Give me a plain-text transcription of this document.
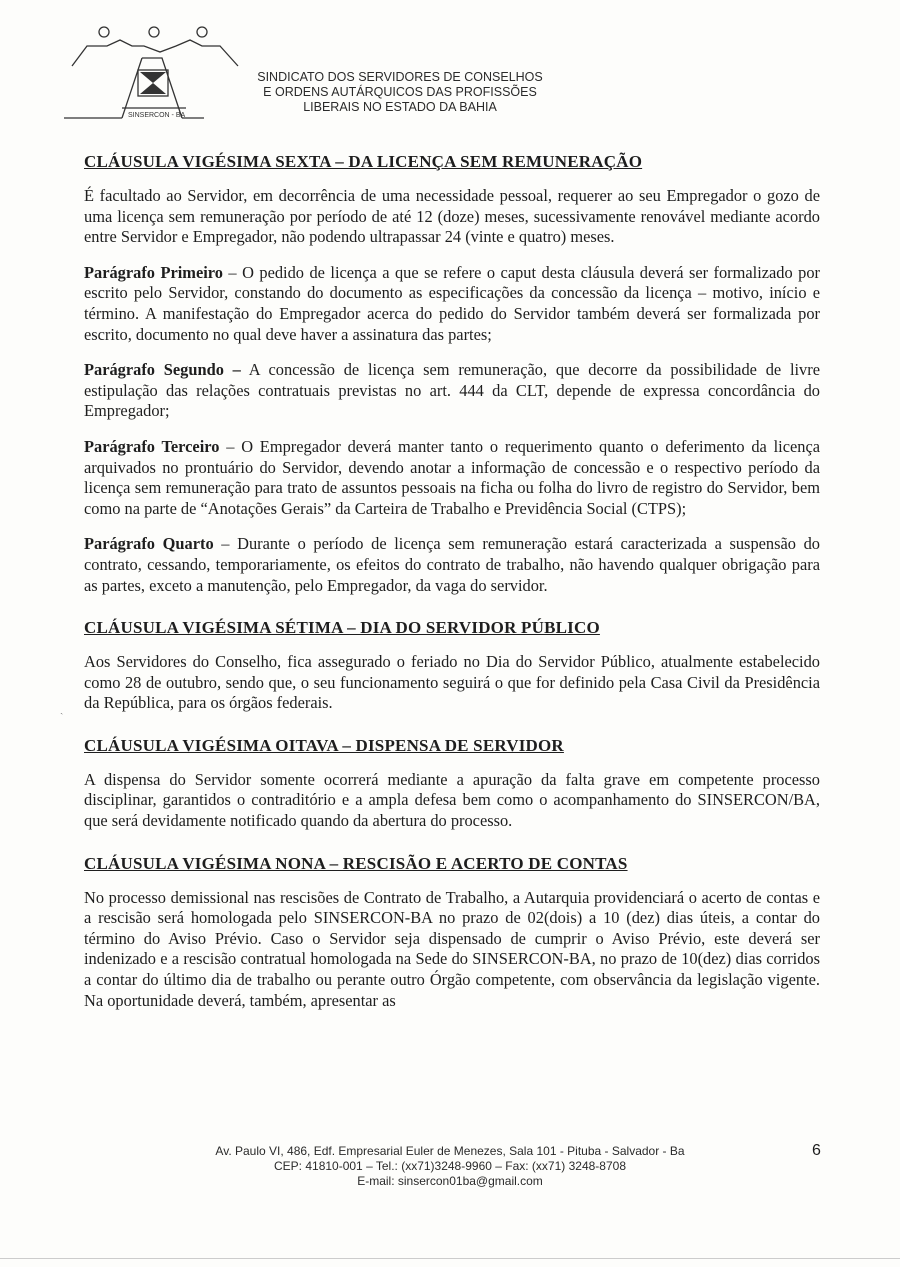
SINSERCON - BA
SINDICATO DOS SERVIDORES DE CONSELHOS
E ORDENS AUTÁRQUICOS DAS PROFISSÕES
LIBERAIS NO ESTADO DA BAHIA
ˏ
CLÁUSULA VIGÉSIMA SEXTA – DA LICENÇA SEM REMUNERAÇÃO

É facultado ao Servidor, em decorrência de uma necessidade pessoal, requerer ao seu Empregador o gozo de uma licença sem remuneração por período de até 12 (doze) meses, sucessivamente renovável mediante acordo entre Servidor e Empregador, não podendo ultrapassar 24 (vinte e quatro) meses.

Parágrafo Primeiro – O pedido de licença a que se refere o caput desta cláusula deverá ser formalizado por escrito pelo Servidor, constando do documento as especificações da concessão da licença – motivo, início e término. A manifestação do Empregador acerca do pedido do Servidor também deverá ser formalizada por escrito, documento no qual deve haver a assinatura das partes;

Parágrafo Segundo – A concessão de licença sem remuneração, que decorre da possibilidade de livre estipulação das relações contratuais previstas no art. 444 da CLT, depende de expressa concordância do Empregador;

Parágrafo Terceiro – O Empregador deverá manter tanto o requerimento quanto o deferimento da licença arquivados no prontuário do Servidor, devendo anotar a informação de concessão e o respectivo período da licença sem remuneração para trato de assuntos pessoais na ficha ou folha do livro de registro do Servidor, bem como na parte de “Anotações Gerais” da Carteira de Trabalho e Previdência Social (CTPS);

Parágrafo Quarto – Durante o período de licença sem remuneração estará caracterizada a suspensão do contrato, cessando, temporariamente, os efeitos do contrato de trabalho, não havendo qualquer obrigação para as partes, exceto a manutenção, pelo Empregador, da vaga do servidor.

CLÁUSULA VIGÉSIMA SÉTIMA – DIA DO SERVIDOR PÚBLICO

Aos Servidores do Conselho, fica assegurado o feriado no Dia do Servidor Público, atualmente estabelecido como 28 de outubro, sendo que, o seu funcionamento seguirá o que for definido pela Casa Civil da Presidência da República, para os órgãos federais.

CLÁUSULA VIGÉSIMA OITAVA – DISPENSA DE SERVIDOR

A dispensa do Servidor somente ocorrerá mediante a apuração da falta grave em competente processo disciplinar, garantidos o contraditório e a ampla defesa bem como o acompanhamento do SINSERCON/BA, que será devidamente notificado quando da abertura do processo.

CLÁUSULA VIGÉSIMA NONA – RESCISÃO E ACERTO DE CONTAS

No processo demissional nas rescisões de Contrato de Trabalho, a Autarquia providenciará o acerto de contas e a rescisão será homologada pelo SINSERCON-BA no prazo de 02(dois) a 10 (dez) dias úteis, a contar do término do Aviso Prévio. Caso o Servidor seja dispensado de cumprir o Aviso Prévio, este deverá ser indenizado e a rescisão contratual homologada na Sede do SINSERCON-BA, no prazo de 10(dez) dias corridos a contar do último dia de trabalho ou perante outro Órgão competente, com observância da legislação vigente. Na oportunidade deverá, também, apresentar as

Av. Paulo VI, 486, Edf. Empresarial Euler de Menezes, Sala 101 - Pituba - Salvador - Ba
CEP: 41810-001 – Tel.: (xx71)3248-9960 – Fax: (xx71) 3248-8708
E-mail: sinsercon01ba@gmail.com
6
